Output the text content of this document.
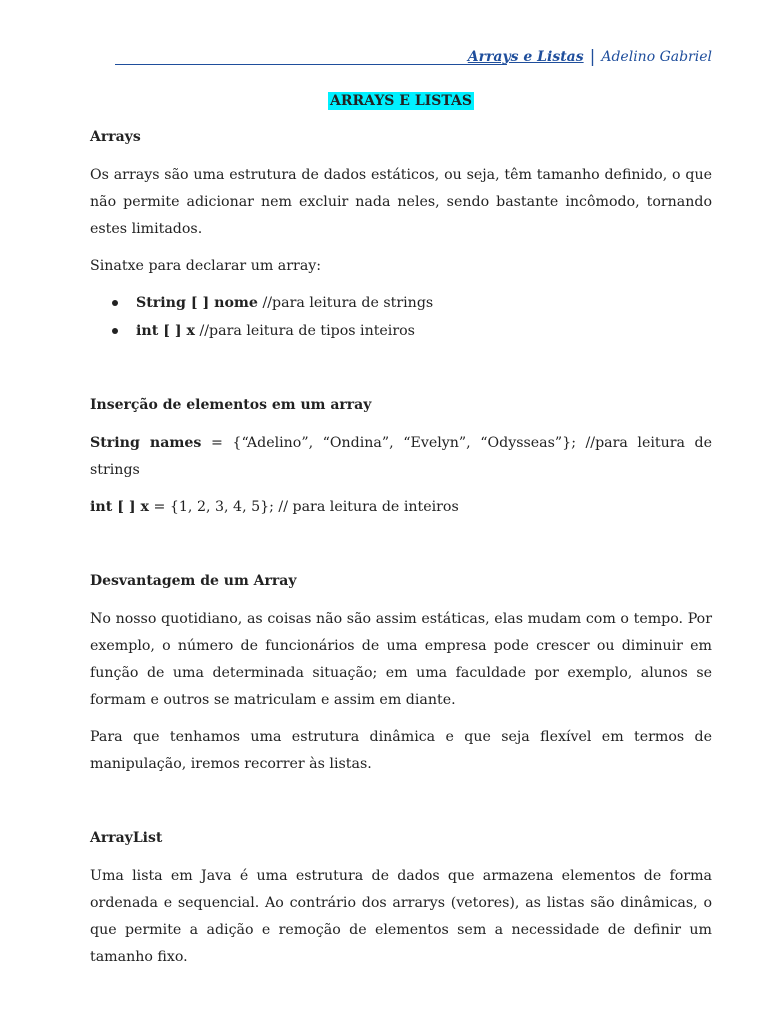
Arrays e Listas | Adelino Gabriel

ARRAYS E LISTAS

Arrays

Os arrays são uma estrutura de dados estáticos, ou seja, têm tamanho definido, o que não permite adicionar nem excluir nada neles, sendo bastante incômodo, tornando estes limitados.

Sinatxe para declarar um array:

String [ ] nome //para leitura de strings
int [ ] x //para leitura de tipos inteiros
Inserção de elementos em um array

String names = {“Adelino”, “Ondina”, “Evelyn”, “Odysseas”}; //para leitura de strings

int [ ] x = {1, 2, 3, 4, 5}; // para leitura de inteiros

Desvantagem de um Array

No nosso quotidiano, as coisas não são assim estáticas, elas mudam com o tempo. Por exemplo, o número de funcionários de uma empresa pode crescer ou diminuir em função de uma determinada situação; em uma faculdade por exemplo, alunos se formam e outros se matriculam e assim em diante.

Para que tenhamos uma estrutura dinâmica e que seja flexível em termos de manipulação, iremos recorrer às listas.

ArrayList

Uma lista em Java é uma estrutura de dados que armazena elementos de forma ordenada e sequencial. Ao contrário dos arrarys (vetores), as listas são dinâmicas, o que permite a adição e remoção de elementos sem a necessidade de definir um tamanho fixo.
